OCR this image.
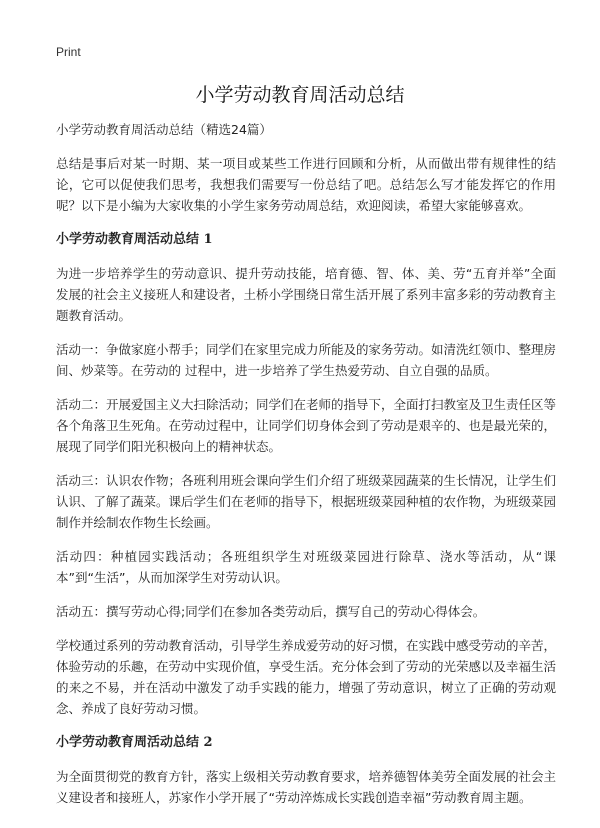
Print
小学劳动教育周活动总结

小学劳动教育周活动总结（精选24篇）

总结是事后对某一时期、某一项目或某些工作进行回顾和分析，从而做出带有规律性的结论，它可以促使我们思考，我想我们需要写一份总结了吧。总结怎么写才能发挥它的作用呢？以下是小编为大家收集的小学生家务劳动周总结，欢迎阅读，希望大家能够喜欢。

小学劳动教育周活动总结 1

为进一步培养学生的劳动意识、提升劳动技能，培育德、智、体、美、劳“五育并举”全面发展的社会主义接班人和建设者，土桥小学围绕日常生活开展了系列丰富多彩的劳动教育主题教育活动。

活动一：争做家庭小帮手；同学们在家里完成力所能及的家务劳动。如清洗红领巾、整理房间、炒菜等。在劳动的 过程中，进一步培养了学生热爱劳动、自立自强的品质。

活动二：开展爱国主义大扫除活动；同学们在老师的指导下，全面打扫教室及卫生责任区等各个角落卫生死角。在劳动过程中，让同学们切身体会到了劳动是艰辛的、也是最光荣的，展现了同学们阳光积极向上的精神状态。

活动三：认识农作物；各班利用班会课向学生们介绍了班级菜园蔬菜的生长情况，让学生们认识、了解了蔬菜。课后学生们在老师的指导下，根据班级菜园种植的农作物，为班级菜园制作并绘制农作物生长绘画。

活动四：种植园实践活动；各班组织学生对班级菜园进行除草、浇水等活动，从“课本”到“生活”，从而加深学生对劳动认识。

活动五：撰写劳动心得;同学们在参加各类劳动后，撰写自己的劳动心得体会。

学校通过系列的劳动教育活动，引导学生养成爱劳动的好习惯，在实践中感受劳动的辛苦，体验劳动的乐趣，在劳动中实现价值，享受生活。充分体会到了劳动的光荣感以及幸福生活的来之不易，并在活动中激发了动手实践的能力，增强了劳动意识，树立了正确的劳动观念、养成了良好劳动习惯。

小学劳动教育周活动总结 2

为全面贯彻党的教育方针，落实上级相关劳动教育要求，培养德智体美劳全面发展的社会主义建设者和接班人，苏家作小学开展了“劳动淬炼成长实践创造幸福”劳动教育周主题。
